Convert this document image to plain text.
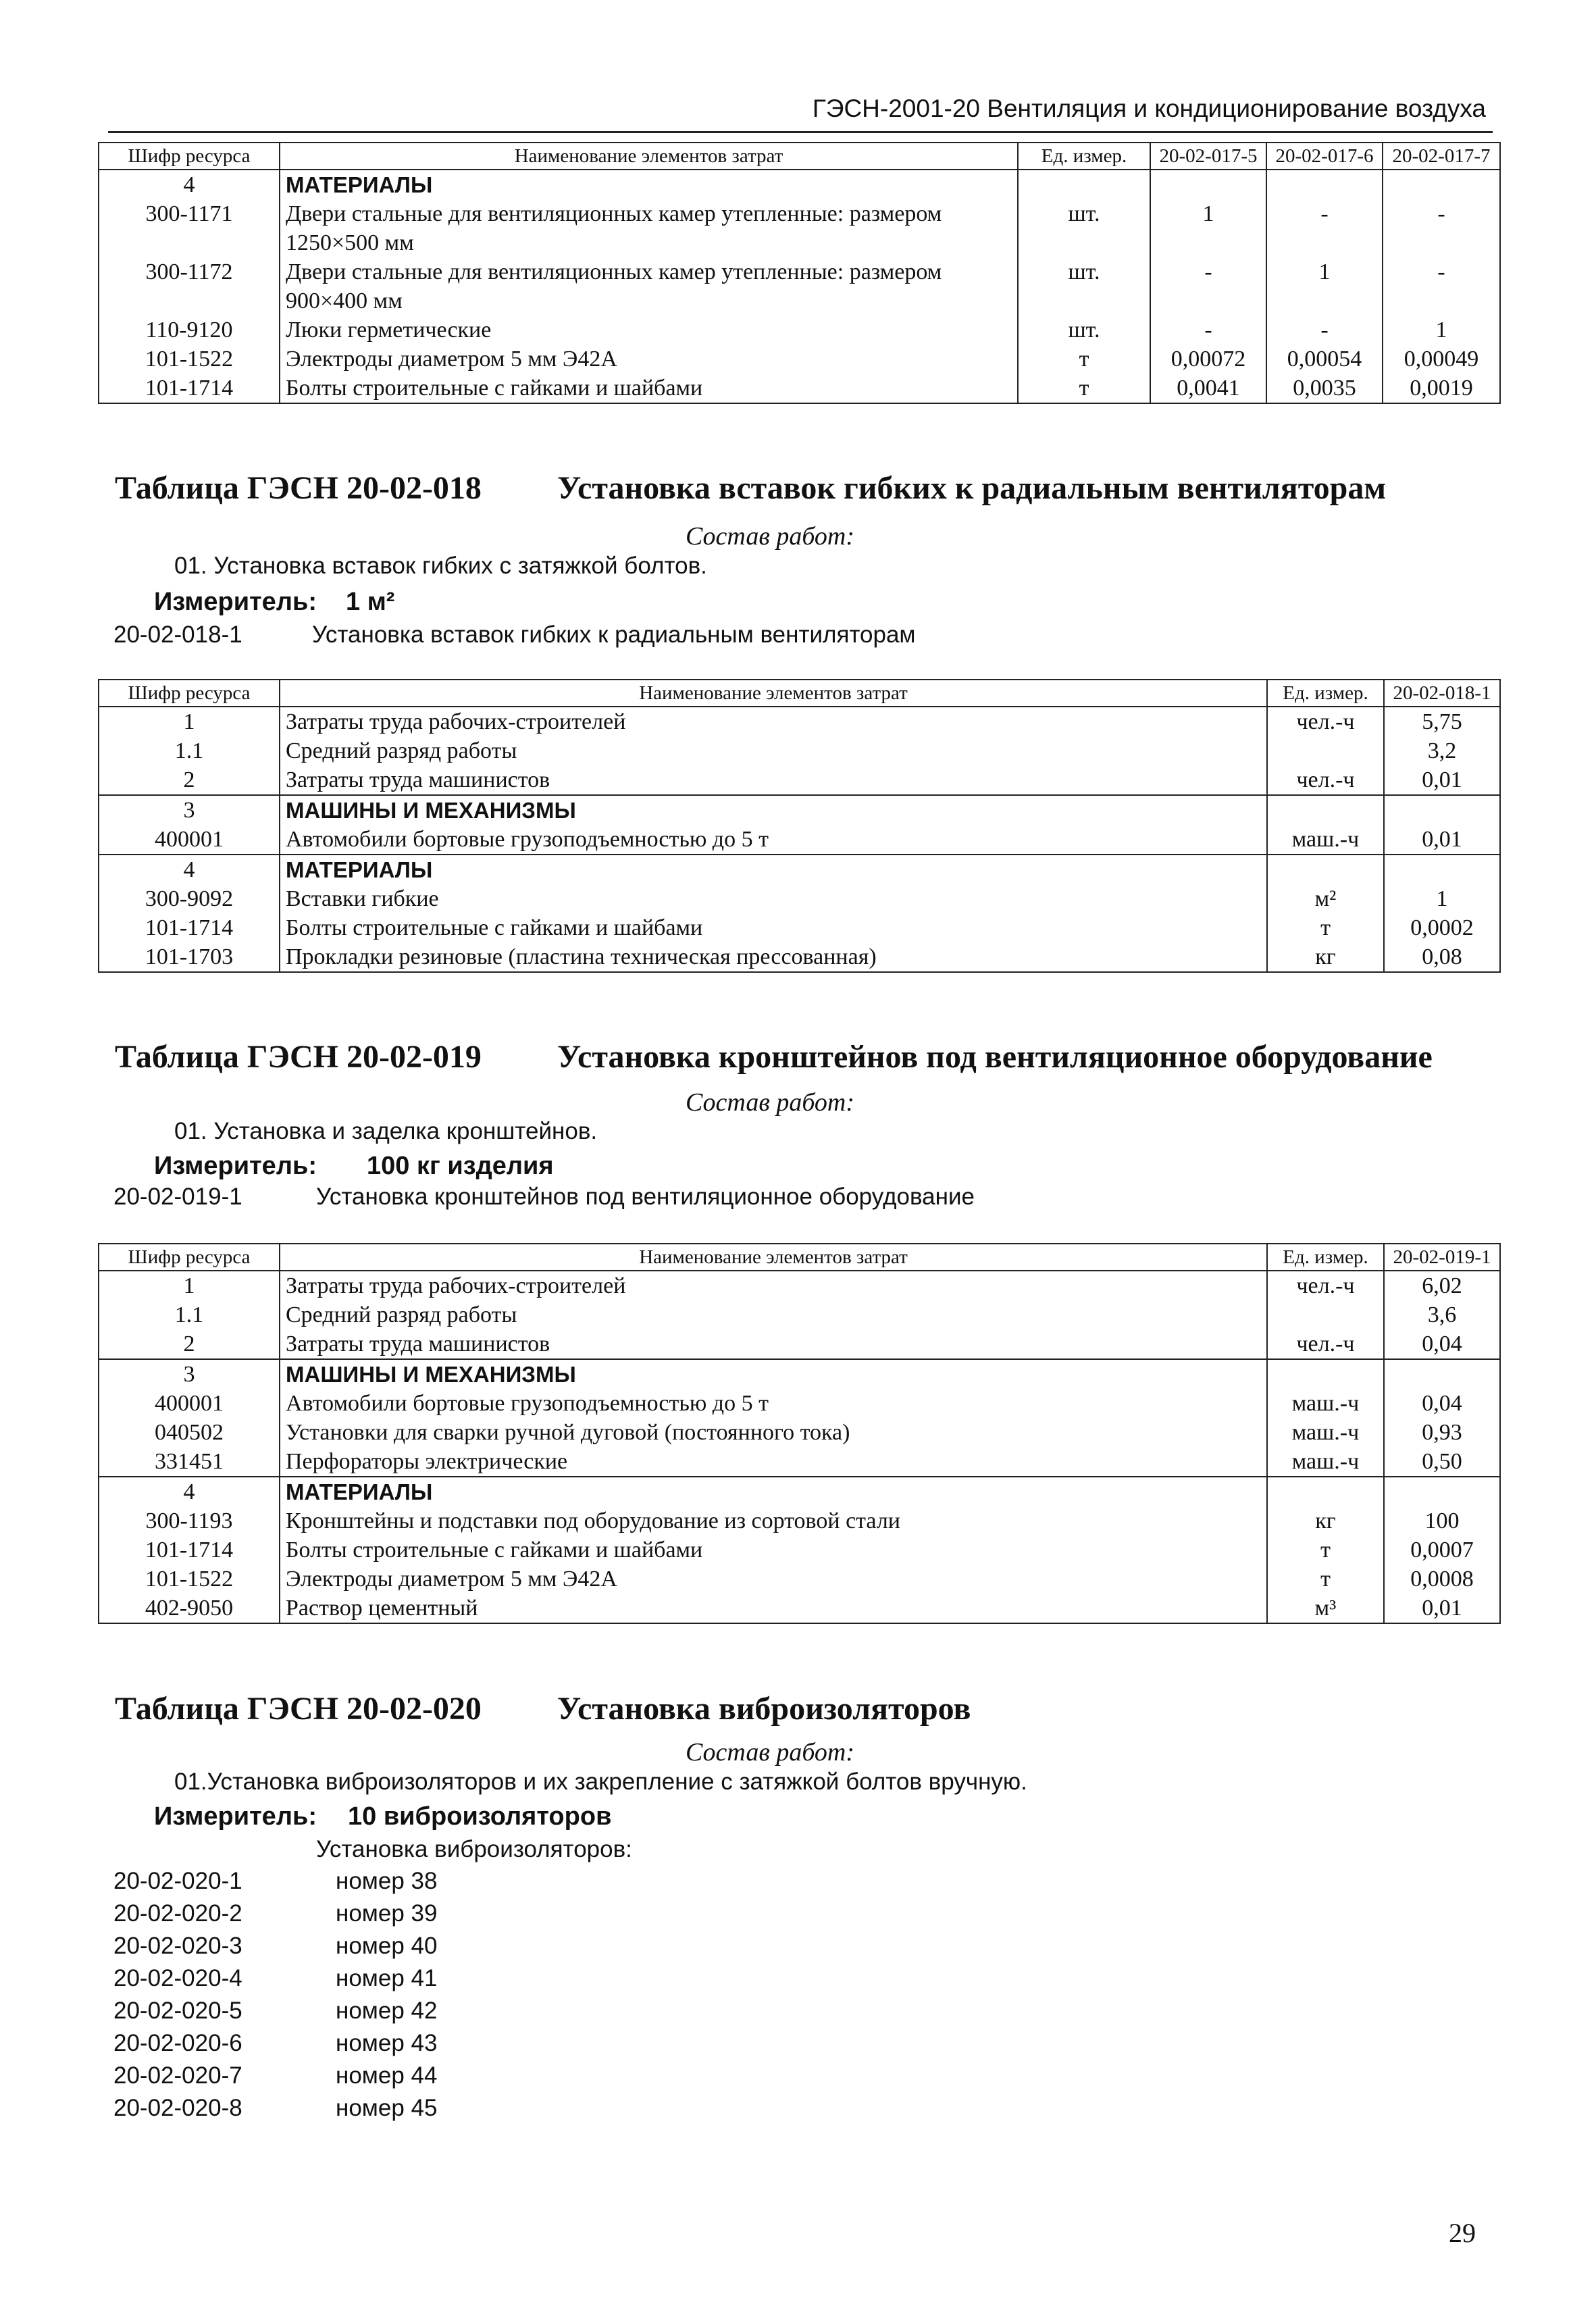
ГЭСН-2001-20 Вентиляция и кондиционирование воздуха
Шифр ресурса	Наименование элементов затрат	Ед. измер.	20-02-017-5	20-02-017-6	20-02-017-7
4	МАТЕРИАЛЫ				
300-1171	Двери стальные для вентиляционных камер утепленные: размером 1250×500 мм	шт.	1	-	-
300-1172	Двери стальные для вентиляционных камер утепленные: размером 900×400 мм	шт.	-	1	-
110-9120	Люки герметические	шт.	-	-	1
101-1522	Электроды диаметром 5 мм Э42А	т	0,00072	0,00054	0,00049
101-1714	Болты строительные с гайками и шайбами	т	0,0041	0,0035	0,0019
Таблица ГЭСН 20-02-018 Установка вставок гибких к радиальным вентиляторам
Состав работ:
01. Установка вставок гибких с затяжкой болтов.
Измеритель: 1 м²
20-02-018-1	Установка вставок гибких к радиальным вентиляторам
Шифр ресурса	Наименование элементов затрат	Ед. измер.	20-02-018-1
1	Затраты труда рабочих-строителей	чел.-ч	5,75
1.1	Средний разряд работы		3,2
2	Затраты труда машинистов	чел.-ч	0,01
3	МАШИНЫ И МЕХАНИЗМЫ		
400001	Автомобили бортовые грузоподъемностью до 5 т	маш.-ч	0,01
4	МАТЕРИАЛЫ		
300-9092	Вставки гибкие	м²	1
101-1714	Болты строительные с гайками и шайбами	т	0,0002
101-1703	Прокладки резиновые (пластина техническая прессованная)	кг	0,08
Таблица ГЭСН 20-02-019 Установка кронштейнов под вентиляционное оборудование
Состав работ:
01. Установка и заделка кронштейнов.
Измеритель: 100 кг изделия
20-02-019-1	Установка кронштейнов под вентиляционное оборудование
Шифр ресурса	Наименование элементов затрат	Ед. измер.	20-02-019-1
1	Затраты труда рабочих-строителей	чел.-ч	6,02
1.1	Средний разряд работы		3,6
2	Затраты труда машинистов	чел.-ч	0,04
3	МАШИНЫ И МЕХАНИЗМЫ		
400001	Автомобили бортовые грузоподъемностью до 5 т	маш.-ч	0,04
040502	Установки для сварки ручной дуговой (постоянного тока)	маш.-ч	0,93
331451	Перфораторы электрические	маш.-ч	0,50
4	МАТЕРИАЛЫ		
300-1193	Кронштейны и подставки под оборудование из сортовой стали	кг	100
101-1714	Болты строительные с гайками и шайбами	т	0,0007
101-1522	Электроды диаметром 5 мм Э42А	т	0,0008
402-9050	Раствор цементный	м³	0,01
Таблица ГЭСН 20-02-020 Установка виброизоляторов
Состав работ:
01.Установка виброизоляторов и их закрепление с затяжкой болтов вручную.
Измеритель: 10 виброизоляторов
Установка виброизоляторов:
20-02-020-1	номер 38
20-02-020-2	номер 39
20-02-020-3	номер 40
20-02-020-4	номер 41
20-02-020-5	номер 42
20-02-020-6	номер 43
20-02-020-7	номер 44
20-02-020-8	номер 45
29
